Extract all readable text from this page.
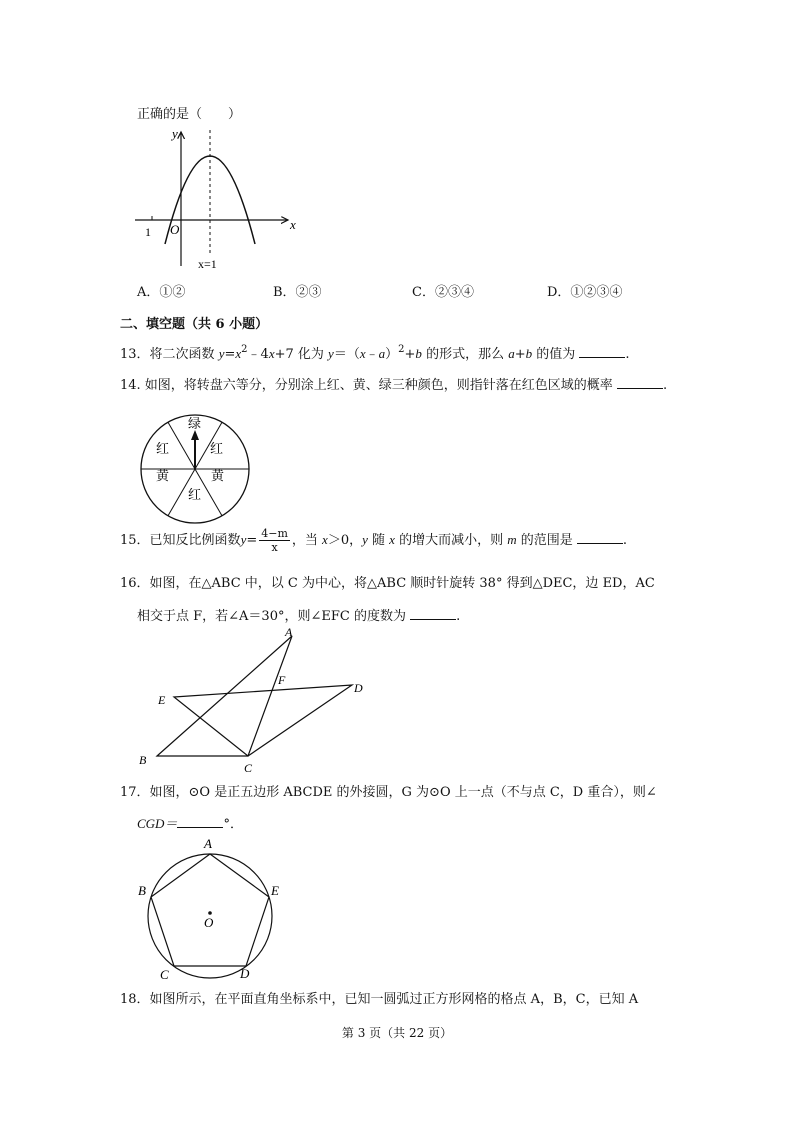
正确的是（　　）
y
x
O
1
x=1
A．①②	B．②③	C．②③④	D．①②③④
二、填空题（共 6 小题）
13．将二次函数 $y=x^2﹣4x+7$ 化为 y＝（x﹣a）$^2$+b 的形式，那么 a+b 的值为	.
14. 如图，将转盘六等分，分别涂上红、黄、绿三种颜色，则指针落在红色区域的概率	.
绿
红
黄
红
黄
红
15．已知反比例函数$y= \frac{4-m}{x}$ ，当 x＞0，y 随 x 的增大而减小，则 m 的范围是	.
16．如图，在△ABC 中，以 C 为中心，将△ABC 顺时针旋转 38° 得到△DEC，边 ED，AC
相交于点 F，若∠A＝30°，则∠EFC 的度数为	.
A
B
C
D
E
F
17．如图，⊙O 是正五边形 ABCDE 的外接圆，G 为⊙O 上一点（不与点 C，D 重合），则∠
CGD＝	°．
A
B
C	D
E
O
18．如图所示，在平面直角坐标系中，已知一圆弧过正方形网格的格点 A，B，C，已知 A
第 3 页（共 22 页）
